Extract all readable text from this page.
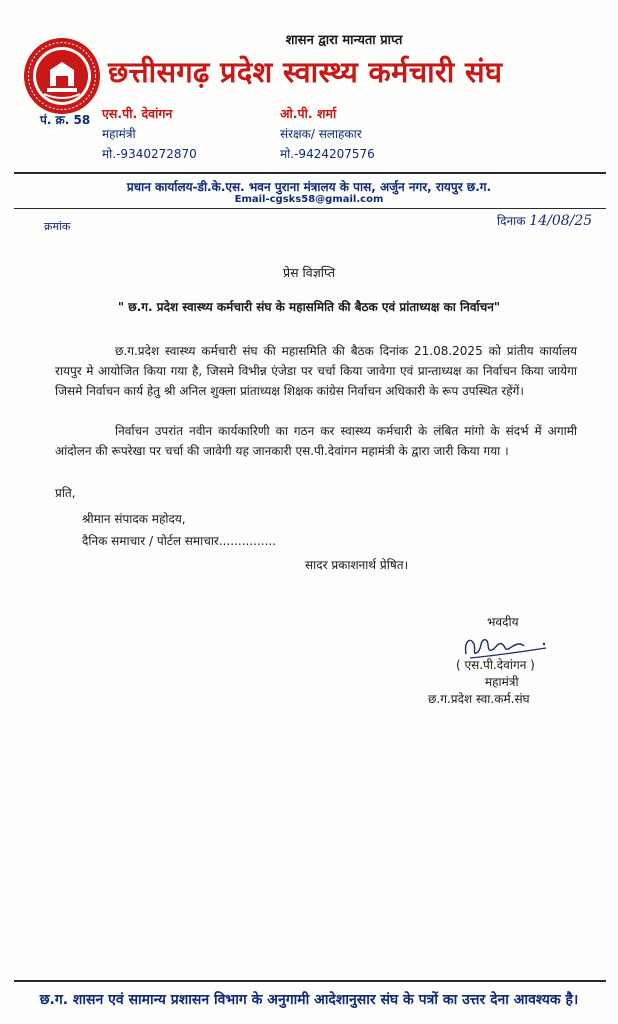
शासन द्वारा मान्यता प्राप्त
छत्तीसगढ़ प्रदेश स्वास्थ्य कर्मचारी संघ
पं. क्र. 58 एस.पी. देवांगन
महामंत्री
मो.-9340272870
ओ.पी. शर्मा
संरक्षक/ सलाहकार
मो.-9424207576
प्रधान कार्यालय-डी.के.एस. भवन पुराना मंत्रालय के पास, अर्जुन नगर, रायपुर छ.ग.
Email-cgsks58@gmail.com
क्रमांक	दिनाक 14/08/25
प्रेस विज्ञप्ति
" छ.ग. प्रदेश स्वास्थ्य कर्मचारी संघ के महासमिति की बैठक एवं प्रांताध्यक्ष का निर्वाचन"
छ.ग.प्रदेश स्वास्थ्य कर्मचारी संघ की महासमिति की बैठक दिनांक 21.08.2025 को प्रांतीय कार्यालय रायपुर मे आयोजित किया गया है, जिसमे विभीन्न एंजेडा पर चर्चा किया जावेगा एवं प्रान्ताध्यक्ष का निर्वाचन किया जायेगा जिसमे निर्वाचन कार्य हेतु श्री अनिल शुक्ला प्रांताध्यक्ष शिक्षक कांग्रेस निर्वाचन अधिकारी के रूप उपस्थित रहेंगें।
निर्वाचन उपरांत नवीन कार्यकारिणी का गठन कर स्वास्थ्य कर्मचारी के लंबित मांगो के संदर्भ में अगामी आंदोलन की रूपरेखा पर चर्चा की जावेगी यह जानकारी एस.पी.देवांगन महामंत्री के द्वारा जारी किया गया ।
प्रति,
श्रीमान संपादक महोदय,
दैनिक समाचार / पोर्टल समाचार...............
सादर प्रकाशनार्थ प्रेषित।
भवदीय
( एस.पी.देवांगन )
महामंत्री
छ.ग.प्रदेश स्वा.कर्म.संघ
छ.ग. शासन एवं सामान्य प्रशासन विभाग के अनुगामी आदेशानुसार संघ के पत्रों का उत्तर देना आवश्यक है।
